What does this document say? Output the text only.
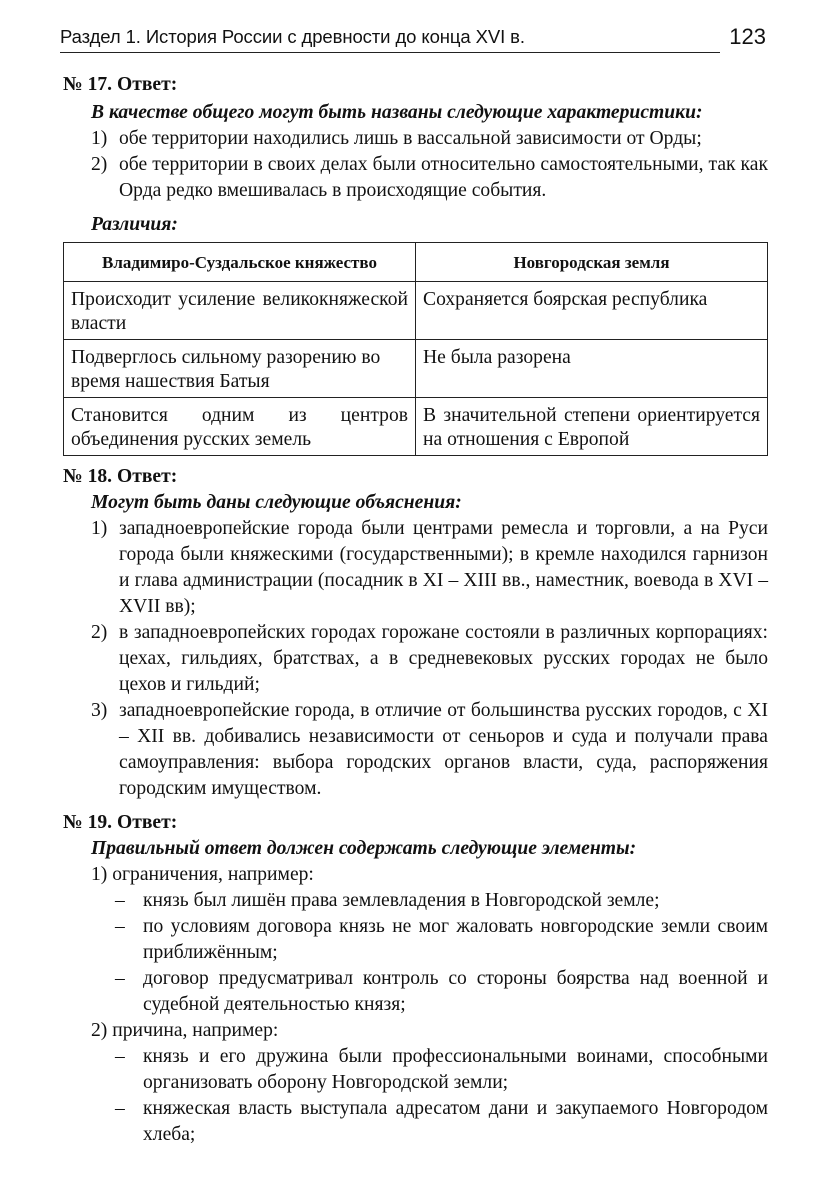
Раздел 1. История России с древности до конца XVI в.	123

№ 17. Ответ:

В качестве общего могут быть названы следующие характеристики:

1) обе территории находились лишь в вассальной зависимости от Орды;
2) обе территории в своих делах были относительно самостоятельными, так как Орда редко вмешивалась в происходящие события.

Различия:

Владимиро-Суздальское княжество	Новгородская земля
Происходит усиление великокняжеской власти	Сохраняется боярская республика
Подверглось сильному разорению во время нашествия Батыя	Не была разорена
Становится одним из центров объединения русских земель	В значительной степени ориентируется на отношения с Европой

№ 18. Ответ:

Могут быть даны следующие объяснения:

1) западноевропейские города были центрами ремесла и торговли, а на Руси города были княжескими (государственными); в кремле находился гарнизон и глава администрации (посадник в XI – XIII вв., наместник, воевода в XVI – XVII вв);
2) в западноевропейских городах горожане состояли в различных корпорациях: цехах, гильдиях, братствах, а в средневековых русских городах не было цехов и гильдий;
3) западноевропейские города, в отличие от большинства русских городов, с XI – XII вв. добивались независимости от сеньоров и суда и получали права самоуправления: выбора городских органов власти, суда, распоряжения городским имуществом.

№ 19. Ответ:

Правильный ответ должен содержать следующие элементы:

1) ограничения, например:
– князь был лишён права землевладения в Новгородской земле;
– по условиям договора князь не мог жаловать новгородские земли своим приближённым;
– договор предусматривал контроль со стороны боярства над военной и судебной деятельностью князя;
2) причина, например:
– князь и его дружина были профессиональными воинами, способными организовать оборону Новгородской земли;
– княжеская власть выступала адресатом дани и закупаемого Новгородом хлеба;
